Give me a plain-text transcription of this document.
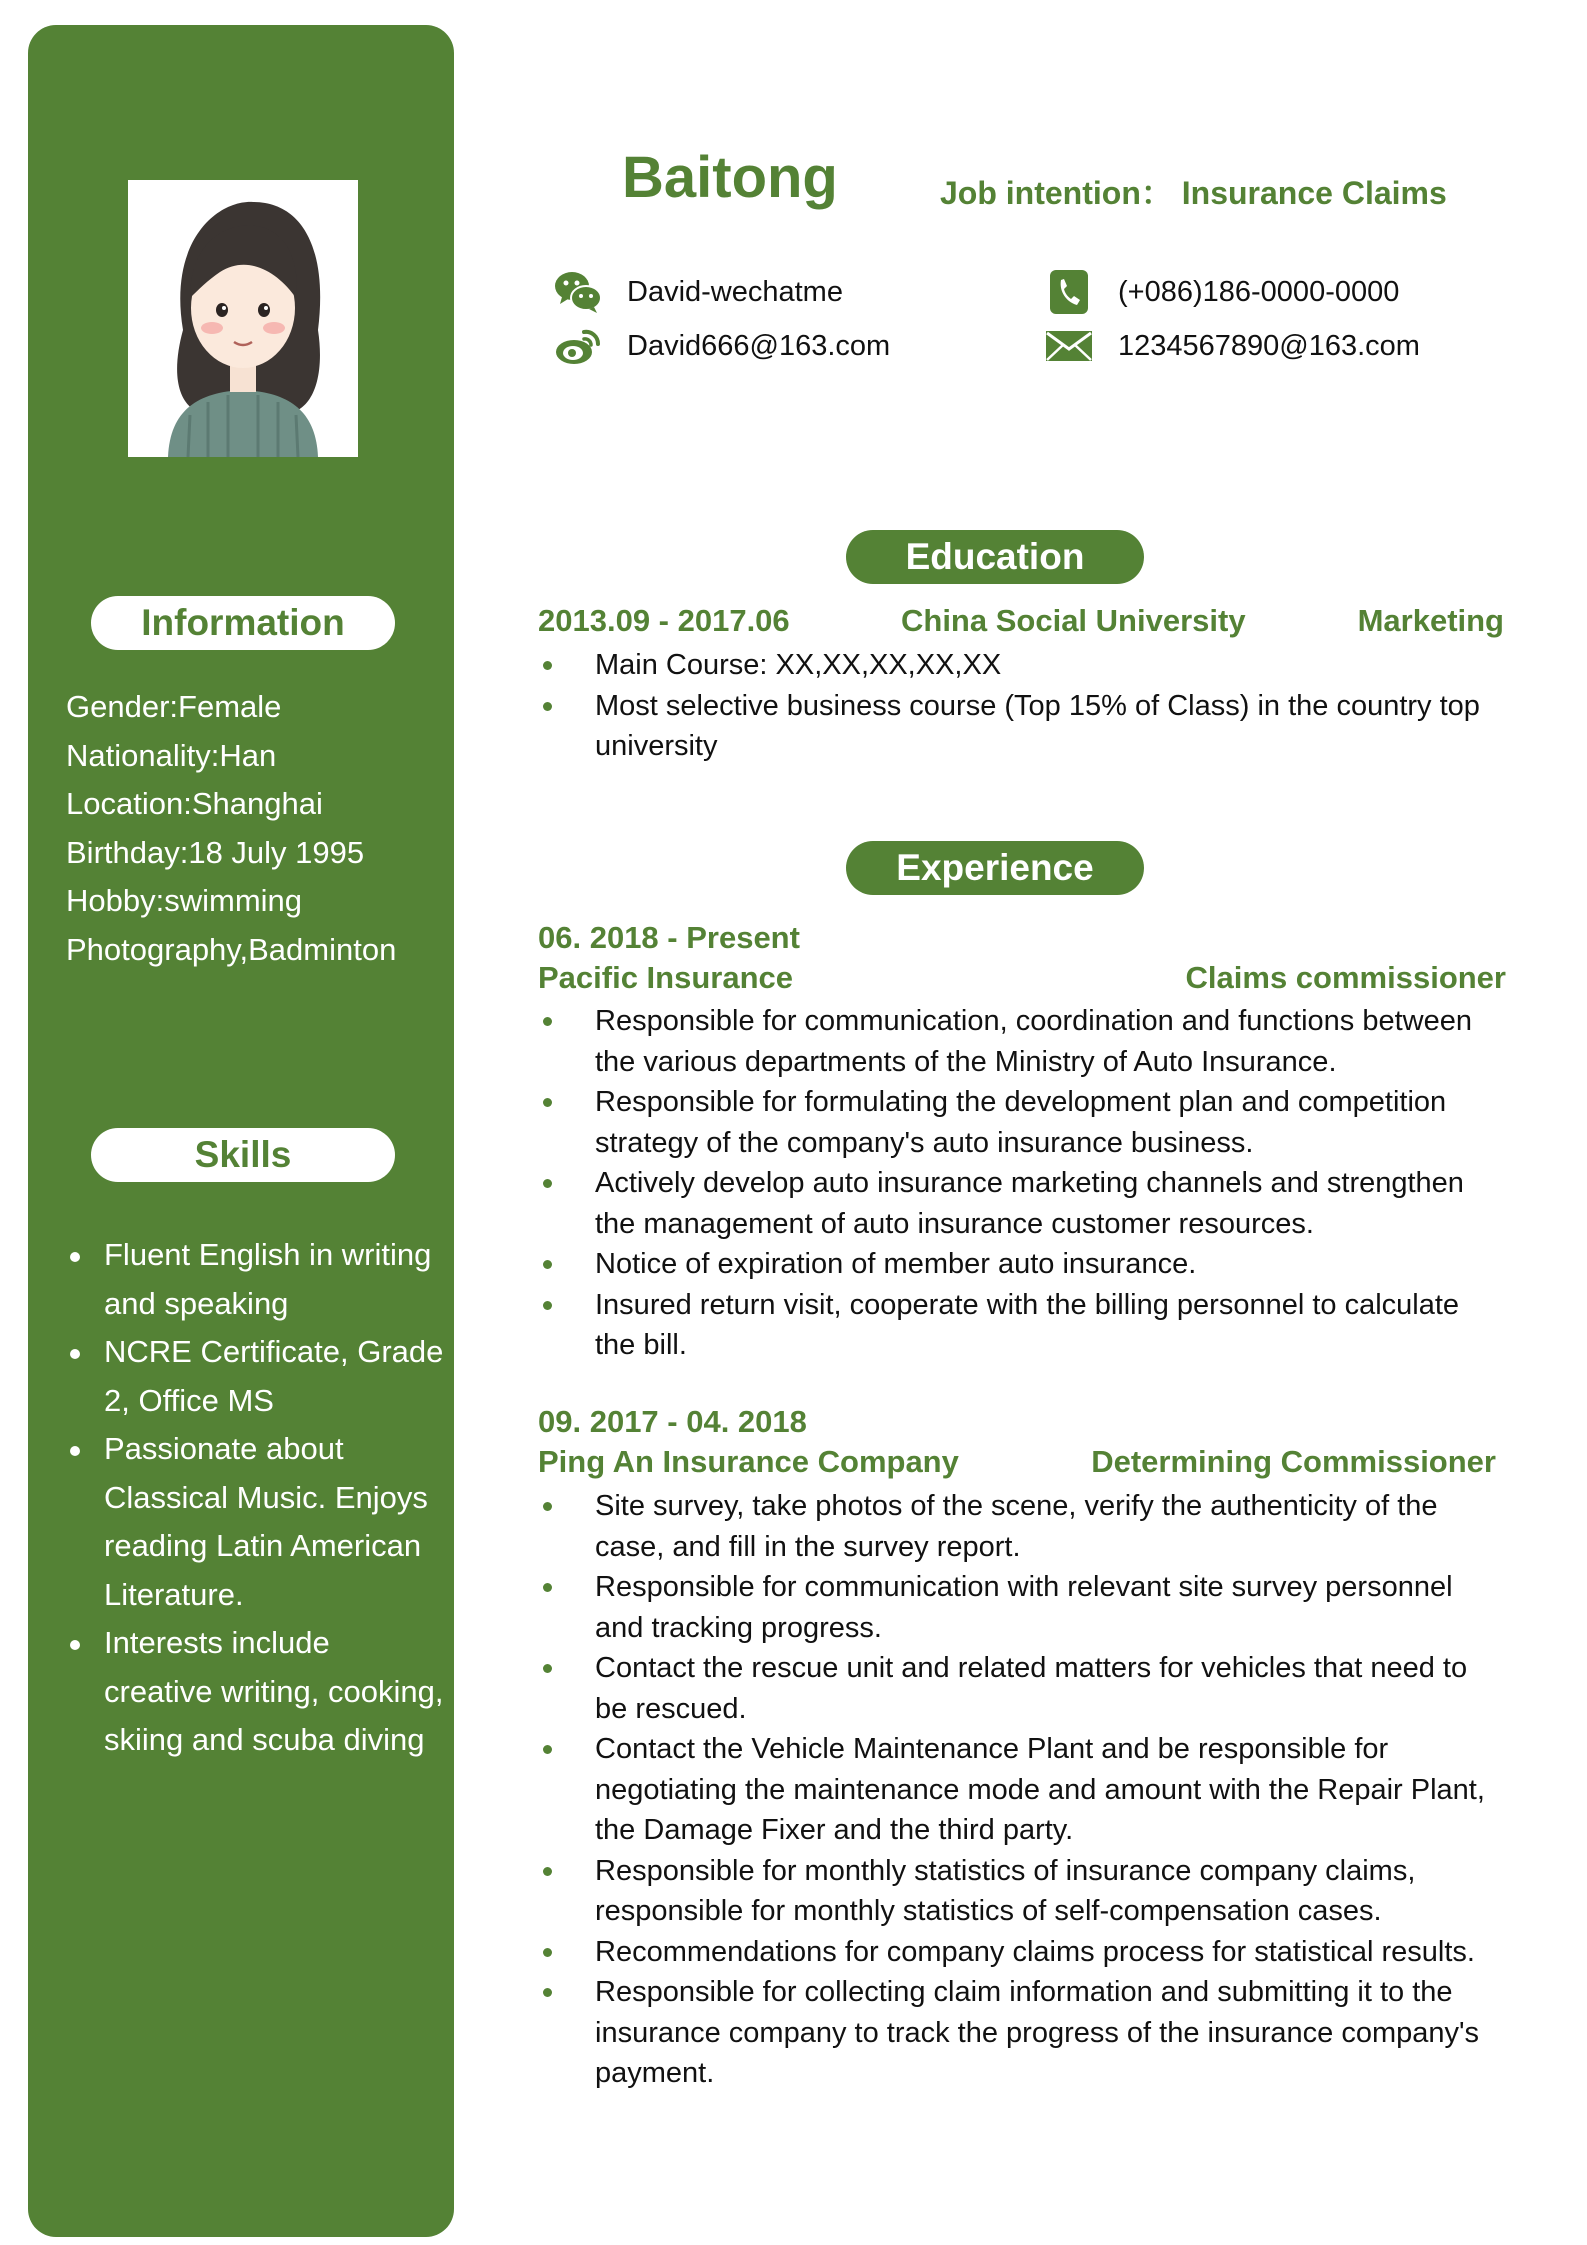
Information
Gender:Female
Nationality:Han
Location:Shanghai
Birthday:18 July 1995
Hobby:swimming
Photography,Badminton
Skills
Fluent English in writing and speaking
NCRE Certificate, Grade 2, Office MS
Passionate about Classical Music. Enjoys reading Latin American Literature.
Interests include creative writing, cooking, skiing and scuba diving
Baitong	Job intention： Insurance Claims
David-wechatme
David666@163.com
(+086)186-0000-0000
1234567890@163.com
Education
2013.09 - 2017.06	China Social University	Marketing
Main Course: XX,XX,XX,XX,XX
Most selective business course (Top 15% of Class) in the country top university
Experience
06. 2018 - Present
Pacific Insurance	Claims commissioner
Responsible for communication, coordination and functions between the various departments of the Ministry of Auto Insurance.
Responsible for formulating the development plan and competition strategy of the company's auto insurance business.
Actively develop auto insurance marketing channels and strengthen the management of auto insurance customer resources.
Notice of expiration of member auto insurance.
Insured return visit, cooperate with the billing personnel to calculate the bill.
09. 2017 - 04. 2018
Ping An Insurance Company	Determining Commissioner
Site survey, take photos of the scene, verify the authenticity of the case, and fill in the survey report.
Responsible for communication with relevant site survey personnel and tracking progress.
Contact the rescue unit and related matters for vehicles that need to be rescued.
Contact the Vehicle Maintenance Plant and be responsible for negotiating the maintenance mode and amount with the Repair Plant, the Damage Fixer and the third party.
Responsible for monthly statistics of insurance company claims, responsible for monthly statistics of self-compensation cases.
Recommendations for company claims process for statistical results.
Responsible for collecting claim information and submitting it to the insurance company to track the progress of the insurance company's payment.
